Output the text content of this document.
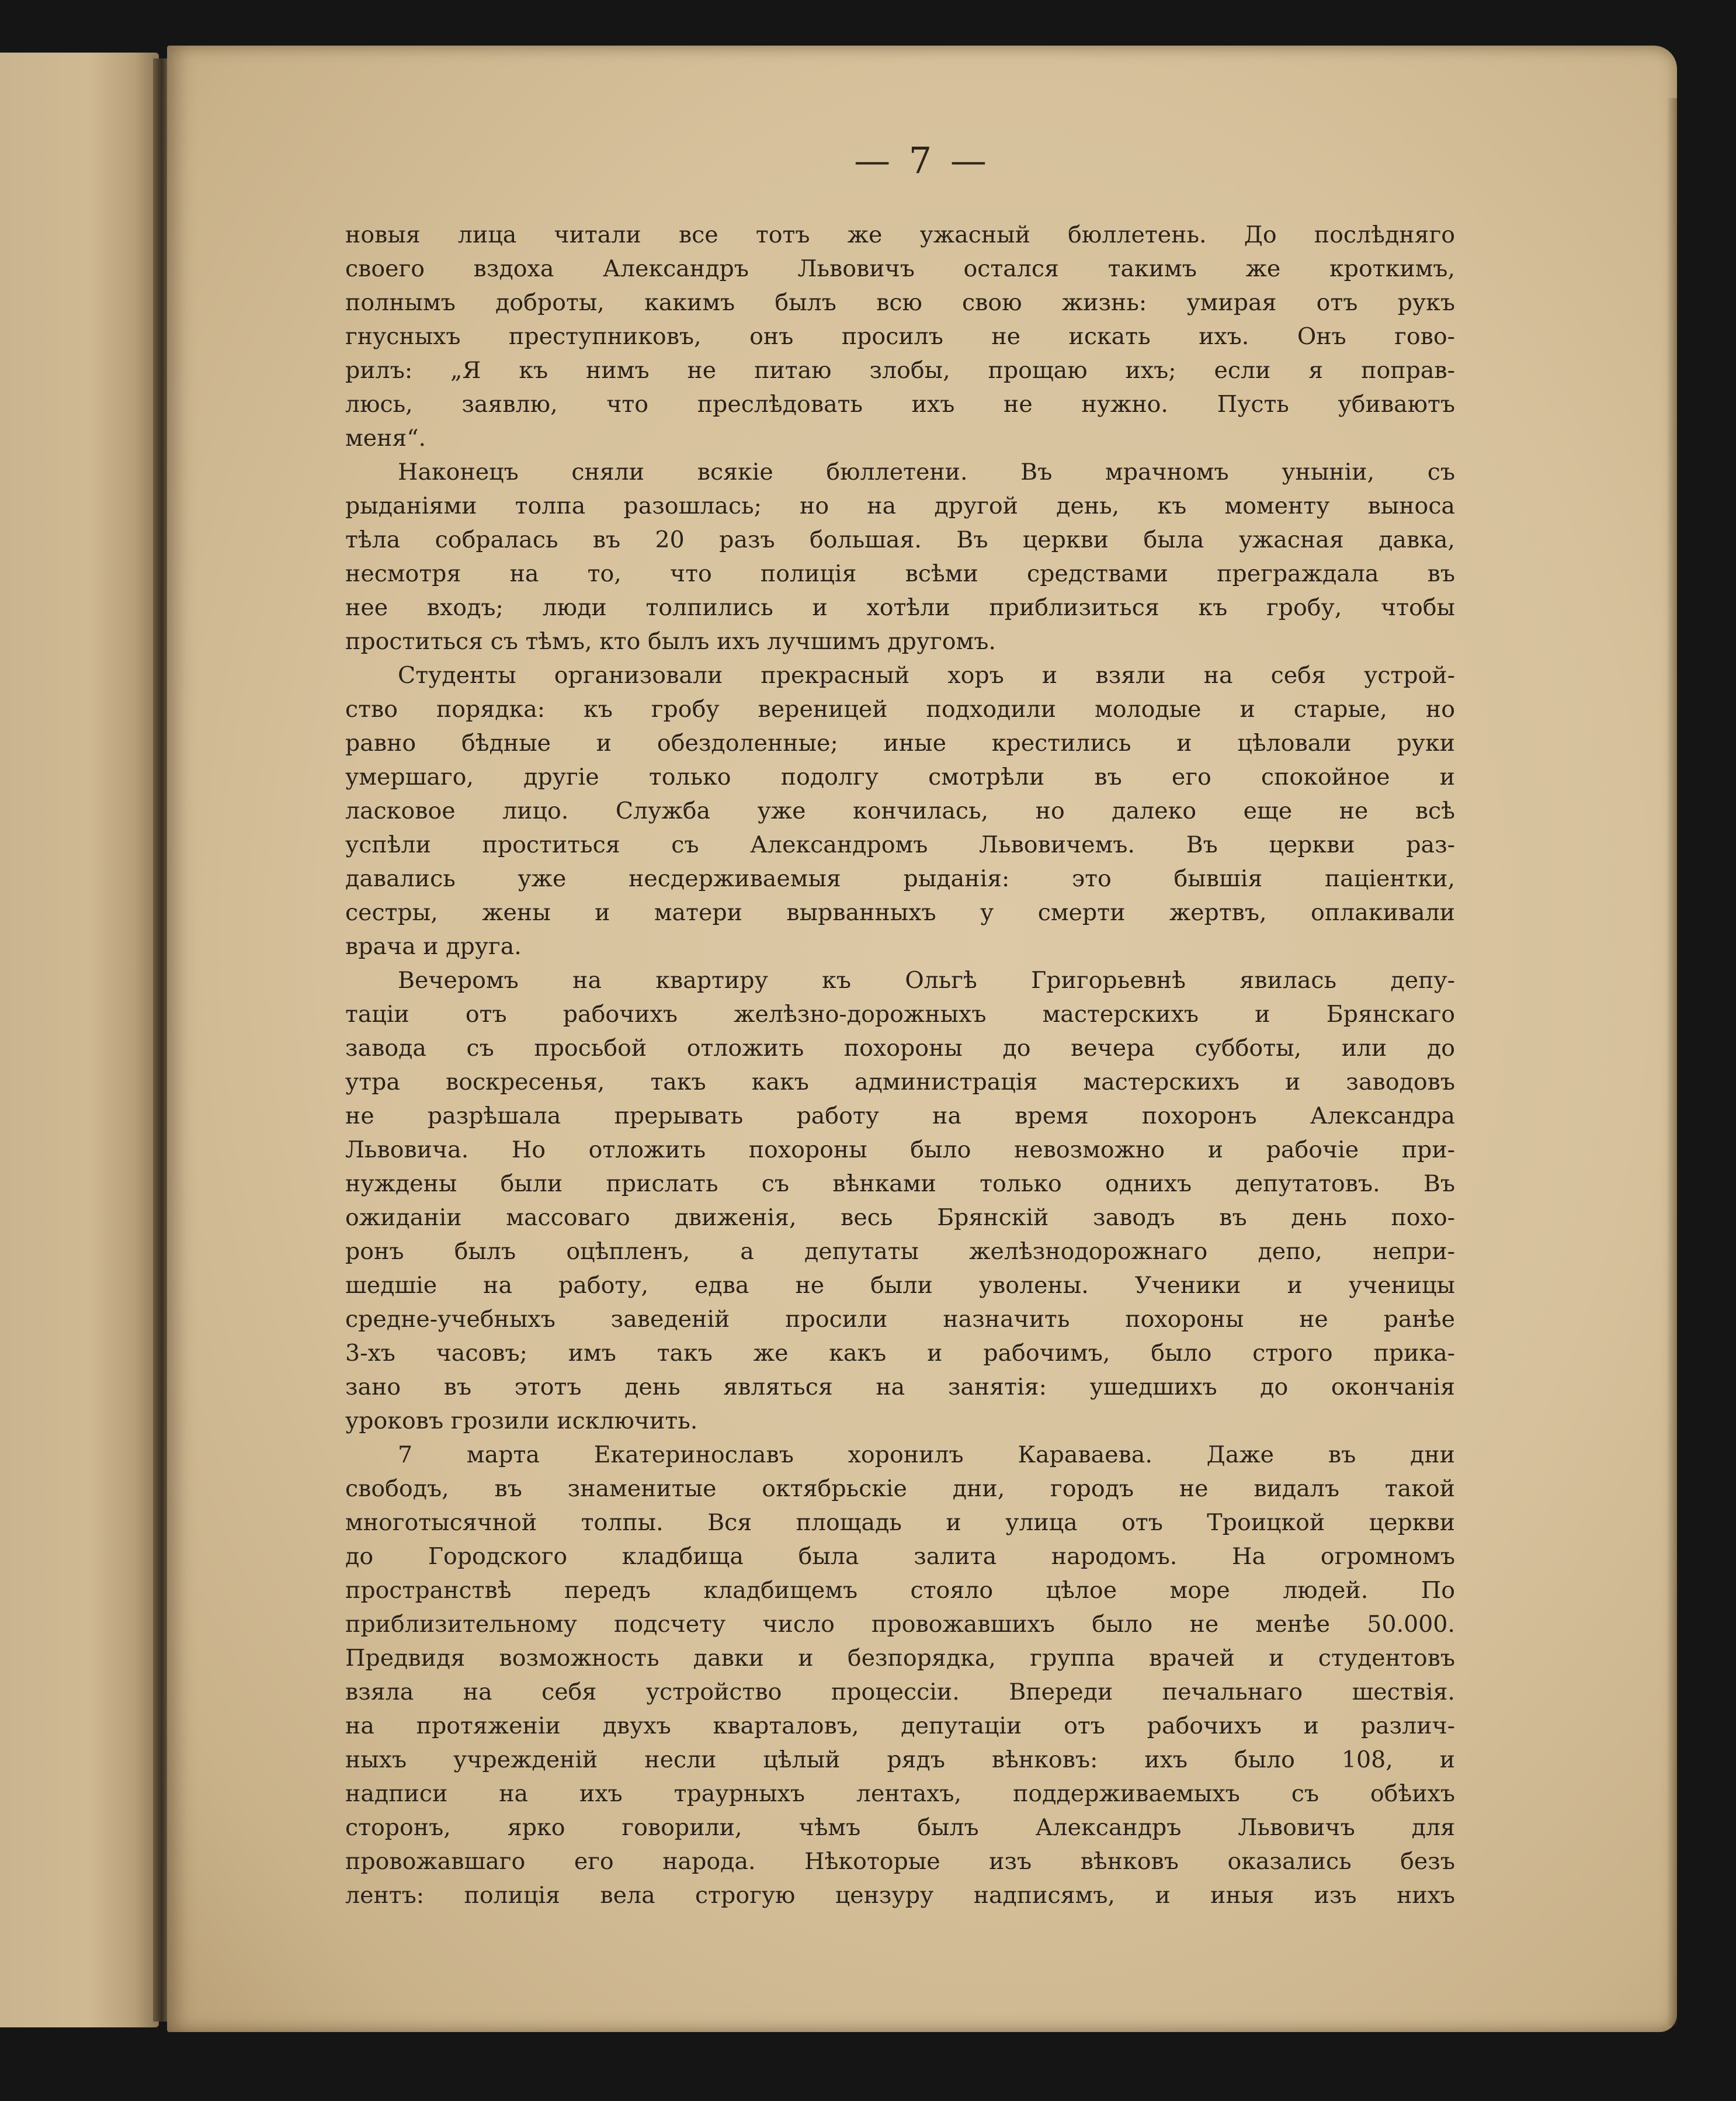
— 7 —
новыя лица читали все тотъ же ужасный бюллетень. До послѣдняго
своего вздоха Александръ Львовичъ остался такимъ же кроткимъ,
полнымъ доброты, какимъ былъ всю свою жизнь: умирая отъ рукъ
гнусныхъ преступниковъ, онъ просилъ не искать ихъ. Онъ гово-
рилъ: „Я къ нимъ не питаю злобы, прощаю ихъ; если я поправ-
люсь, заявлю, что преслѣдовать ихъ не нужно. Пусть убиваютъ
меня“.
Наконецъ сняли всякіе бюллетени. Въ мрачномъ уныніи, съ
рыданіями толпа разошлась; но на другой день, къ моменту выноса
тѣла собралась въ 20 разъ большая. Въ церкви была ужасная давка,
несмотря на то, что полиція всѣми средствами преграждала въ
нее входъ; люди толпились и хотѣли приблизиться къ гробу, чтобы
проститься съ тѣмъ, кто былъ ихъ лучшимъ другомъ.
Студенты организовали прекрасный хоръ и взяли на себя устрой-
ство порядка: къ гробу вереницей подходили молодые и старые, но
равно бѣдные и обездоленные; иные крестились и цѣловали руки
умершаго, другіе только подолгу смотрѣли въ его спокойное и
ласковое лицо. Служба уже кончилась, но далеко еще не всѣ
успѣли проститься съ Александромъ Львовичемъ. Въ церкви раз-
давались уже несдерживаемыя рыданія: это бывшія паціентки,
сестры, жены и матери вырванныхъ у смерти жертвъ, оплакивали
врача и друга.
Вечеромъ на квартиру къ Ольгѣ Григорьевнѣ явилась депу-
таціи отъ рабочихъ желѣзно-дорожныхъ мастерскихъ и Брянскаго
завода съ просьбой отложить похороны до вечера субботы, или до
утра воскресенья, такъ какъ администрація мастерскихъ и заводовъ
не разрѣшала прерывать работу на время похоронъ Александра
Львовича. Но отложить похороны было невозможно и рабочіе при-
нуждены были прислать съ вѣнками только однихъ депутатовъ. Въ
ожиданіи массоваго движенія, весь Брянскій заводъ въ день похо-
ронъ былъ оцѣпленъ, а депутаты желѣзнодорожнаго депо, непри-
шедшіе на работу, едва не были уволены. Ученики и ученицы
средне-учебныхъ заведеній просили назначить похороны не ранѣе
3-хъ часовъ; имъ такъ же какъ и рабочимъ, было строго прика-
зано въ этотъ день являться на занятія: ушедшихъ до окончанія
уроковъ грозили исключить.
7 марта Екатеринославъ хоронилъ Караваева. Даже въ дни
свободъ, въ знаменитые октябрьскіе дни, городъ не видалъ такой
многотысячной толпы. Вся площадь и улица отъ Троицкой церкви
до Городского кладбища была залита народомъ. На огромномъ
пространствѣ передъ кладбищемъ стояло цѣлое море людей. По
приблизительному подсчету число провожавшихъ было не менѣе 50.000.
Предвидя возможность давки и безпорядка, группа врачей и студентовъ
взяла на себя устройство процессіи. Впереди печальнаго шествія.
на протяженіи двухъ кварталовъ, депутаціи отъ рабочихъ и различ-
ныхъ учрежденій несли цѣлый рядъ вѣнковъ: ихъ было 108, и
надписи на ихъ траурныхъ лентахъ, поддерживаемыхъ съ обѣихъ
сторонъ, ярко говорили, чѣмъ былъ Александръ Львовичъ для
провожавшаго его народа. Нѣкоторые изъ вѣнковъ оказались безъ
лентъ: полиція вела строгую цензуру надписямъ, и иныя изъ нихъ
